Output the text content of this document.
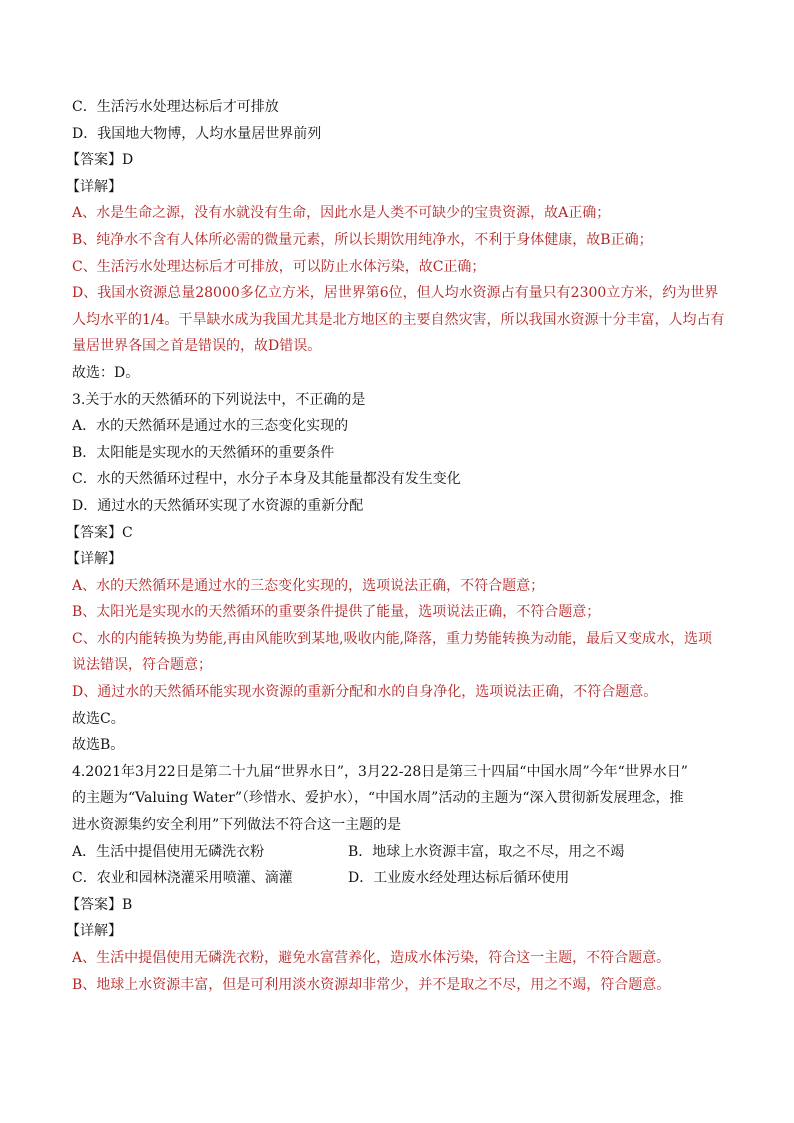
C．生活污水处理达标后才可排放
D．我国地大物博，人均水量居世界前列
【答案】D
【详解】
A、水是生命之源，没有水就没有生命，因此水是人类不可缺少的宝贵资源，故A正确；
B、纯净水不含有人体所必需的微量元素，所以长期饮用纯净水，不利于身体健康，故B正确；
C、生活污水处理达标后才可排放，可以防止水体污染，故C正确；
D、我国水资源总量28000多亿立方米，居世界第6位，但人均水资源占有量只有2300立方米，约为世界
人均水平的1/4。干旱缺水成为我国尤其是北方地区的主要自然灾害，所以我国水资源十分丰富，人均占有
量居世界各国之首是错误的，故D错误。
故选：D。
3.关于水的天然循环的下列说法中，不正确的是
A．水的天然循环是通过水的三态变化实现的
B．太阳能是实现水的天然循环的重要条件
C．水的天然循环过程中，水分子本身及其能量都没有发生变化
D．通过水的天然循环实现了水资源的重新分配
【答案】C
【详解】
A、水的天然循环是通过水的三态变化实现的，选项说法正确，不符合题意；
B、太阳光是实现水的天然循环的重要条件提供了能量，选项说法正确，不符合题意；
C、水的内能转换为势能,再由风能吹到某地,吸收内能,降落，重力势能转换为动能，最后又变成水，选项
说法错误，符合题意；
D、通过水的天然循环能实现水资源的重新分配和水的自身净化，选项说法正确，不符合题意。
故选C。
故选B。
4.2021年3月22日是第二十九届“世界水日”，3月22-28日是第三十四届“中国水周”今年“世界水日”
的主题为“Valuing Water”（珍惜水、爱护水），“中国水周”活动的主题为“深入贯彻新发展理念，推
进水资源集约安全利用”下列做法不符合这一主题的是
A．生活中提倡使用无磷洗衣粉	B．地球上水资源丰富，取之不尽，用之不竭
C．农业和园林浇灌采用喷灌、滴灌	D．工业废水经处理达标后循环使用
【答案】B
【详解】
A、生活中提倡使用无磷洗衣粉，避免水富营养化，造成水体污染，符合这一主题，不符合题意。
B、地球上水资源丰富，但是可利用淡水资源却非常少，并不是取之不尽，用之不竭，符合题意。
